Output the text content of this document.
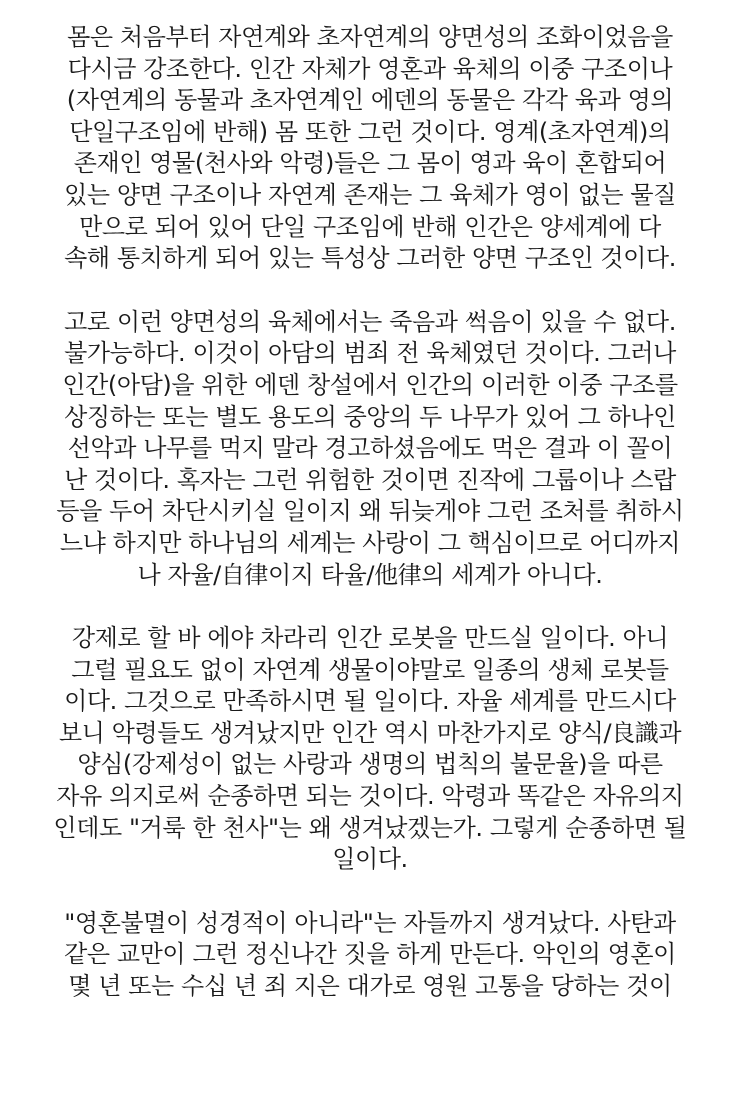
몸은 처음부터 자연계와 초자연계의 양면성의 조화이었음을
다시금 강조한다. 인간 자체가 영혼과 육체의 이중 구조이나
(자연계의 동물과 초자연계인 에덴의 동물은 각각 육과 영의
단일구조임에 반해) 몸 또한 그런 것이다. 영계(초자연계)의
존재인 영물(천사와 악령)들은 그 몸이 영과 육이 혼합되어
있는 양면 구조이나 자연계 존재는 그 육체가 영이 없는 물질
만으로 되어 있어 단일 구조임에 반해 인간은 양세계에 다
속해 통치하게 되어 있는 특성상 그러한 양면 구조인 것이다.
고로 이런 양면성의 육체에서는 죽음과 썩음이 있을 수 없다.
불가능하다. 이것이 아담의 범죄 전 육체였던 것이다. 그러나
인간(아담)을 위한 에덴 창설에서 인간의 이러한 이중 구조를
상징하는 또는 별도 용도의 중앙의 두 나무가 있어 그 하나인
선악과 나무를 먹지 말라 경고하셨음에도 먹은 결과 이 꼴이
난 것이다. 혹자는 그런 위험한 것이면 진작에 그룹이나 스랍
등을 두어 차단시키실 일이지 왜 뒤늦게야 그런 조처를 취하시
느냐 하지만 하나님의 세계는 사랑이 그 핵심이므로 어디까지
나 자율/自律이지 타율/他律의 세계가 아니다.
강제로 할 바 에야 차라리 인간 로봇을 만드실 일이다. 아니
그럴 필요도 없이 자연계 생물이야말로 일종의 생체 로봇들
이다. 그것으로 만족하시면 될 일이다. 자율 세계를 만드시다
보니 악령들도 생겨났지만 인간 역시 마찬가지로 양식/良識과
양심(강제성이 없는 사랑과 생명의 법칙의 불문율)을 따른
자유 의지로써 순종하면 되는 것이다. 악령과 똑같은 자유의지
인데도 "거룩 한 천사"는 왜 생겨났겠는가. 그렇게 순종하면 될
일이다.
"영혼불멸이 성경적이 아니라"는 자들까지 생겨났다. 사탄과
같은 교만이 그런 정신나간 짓을 하게 만든다. 악인의 영혼이
몇 년 또는 수십 년 죄 지은 대가로 영원 고통을 당하는 것이
